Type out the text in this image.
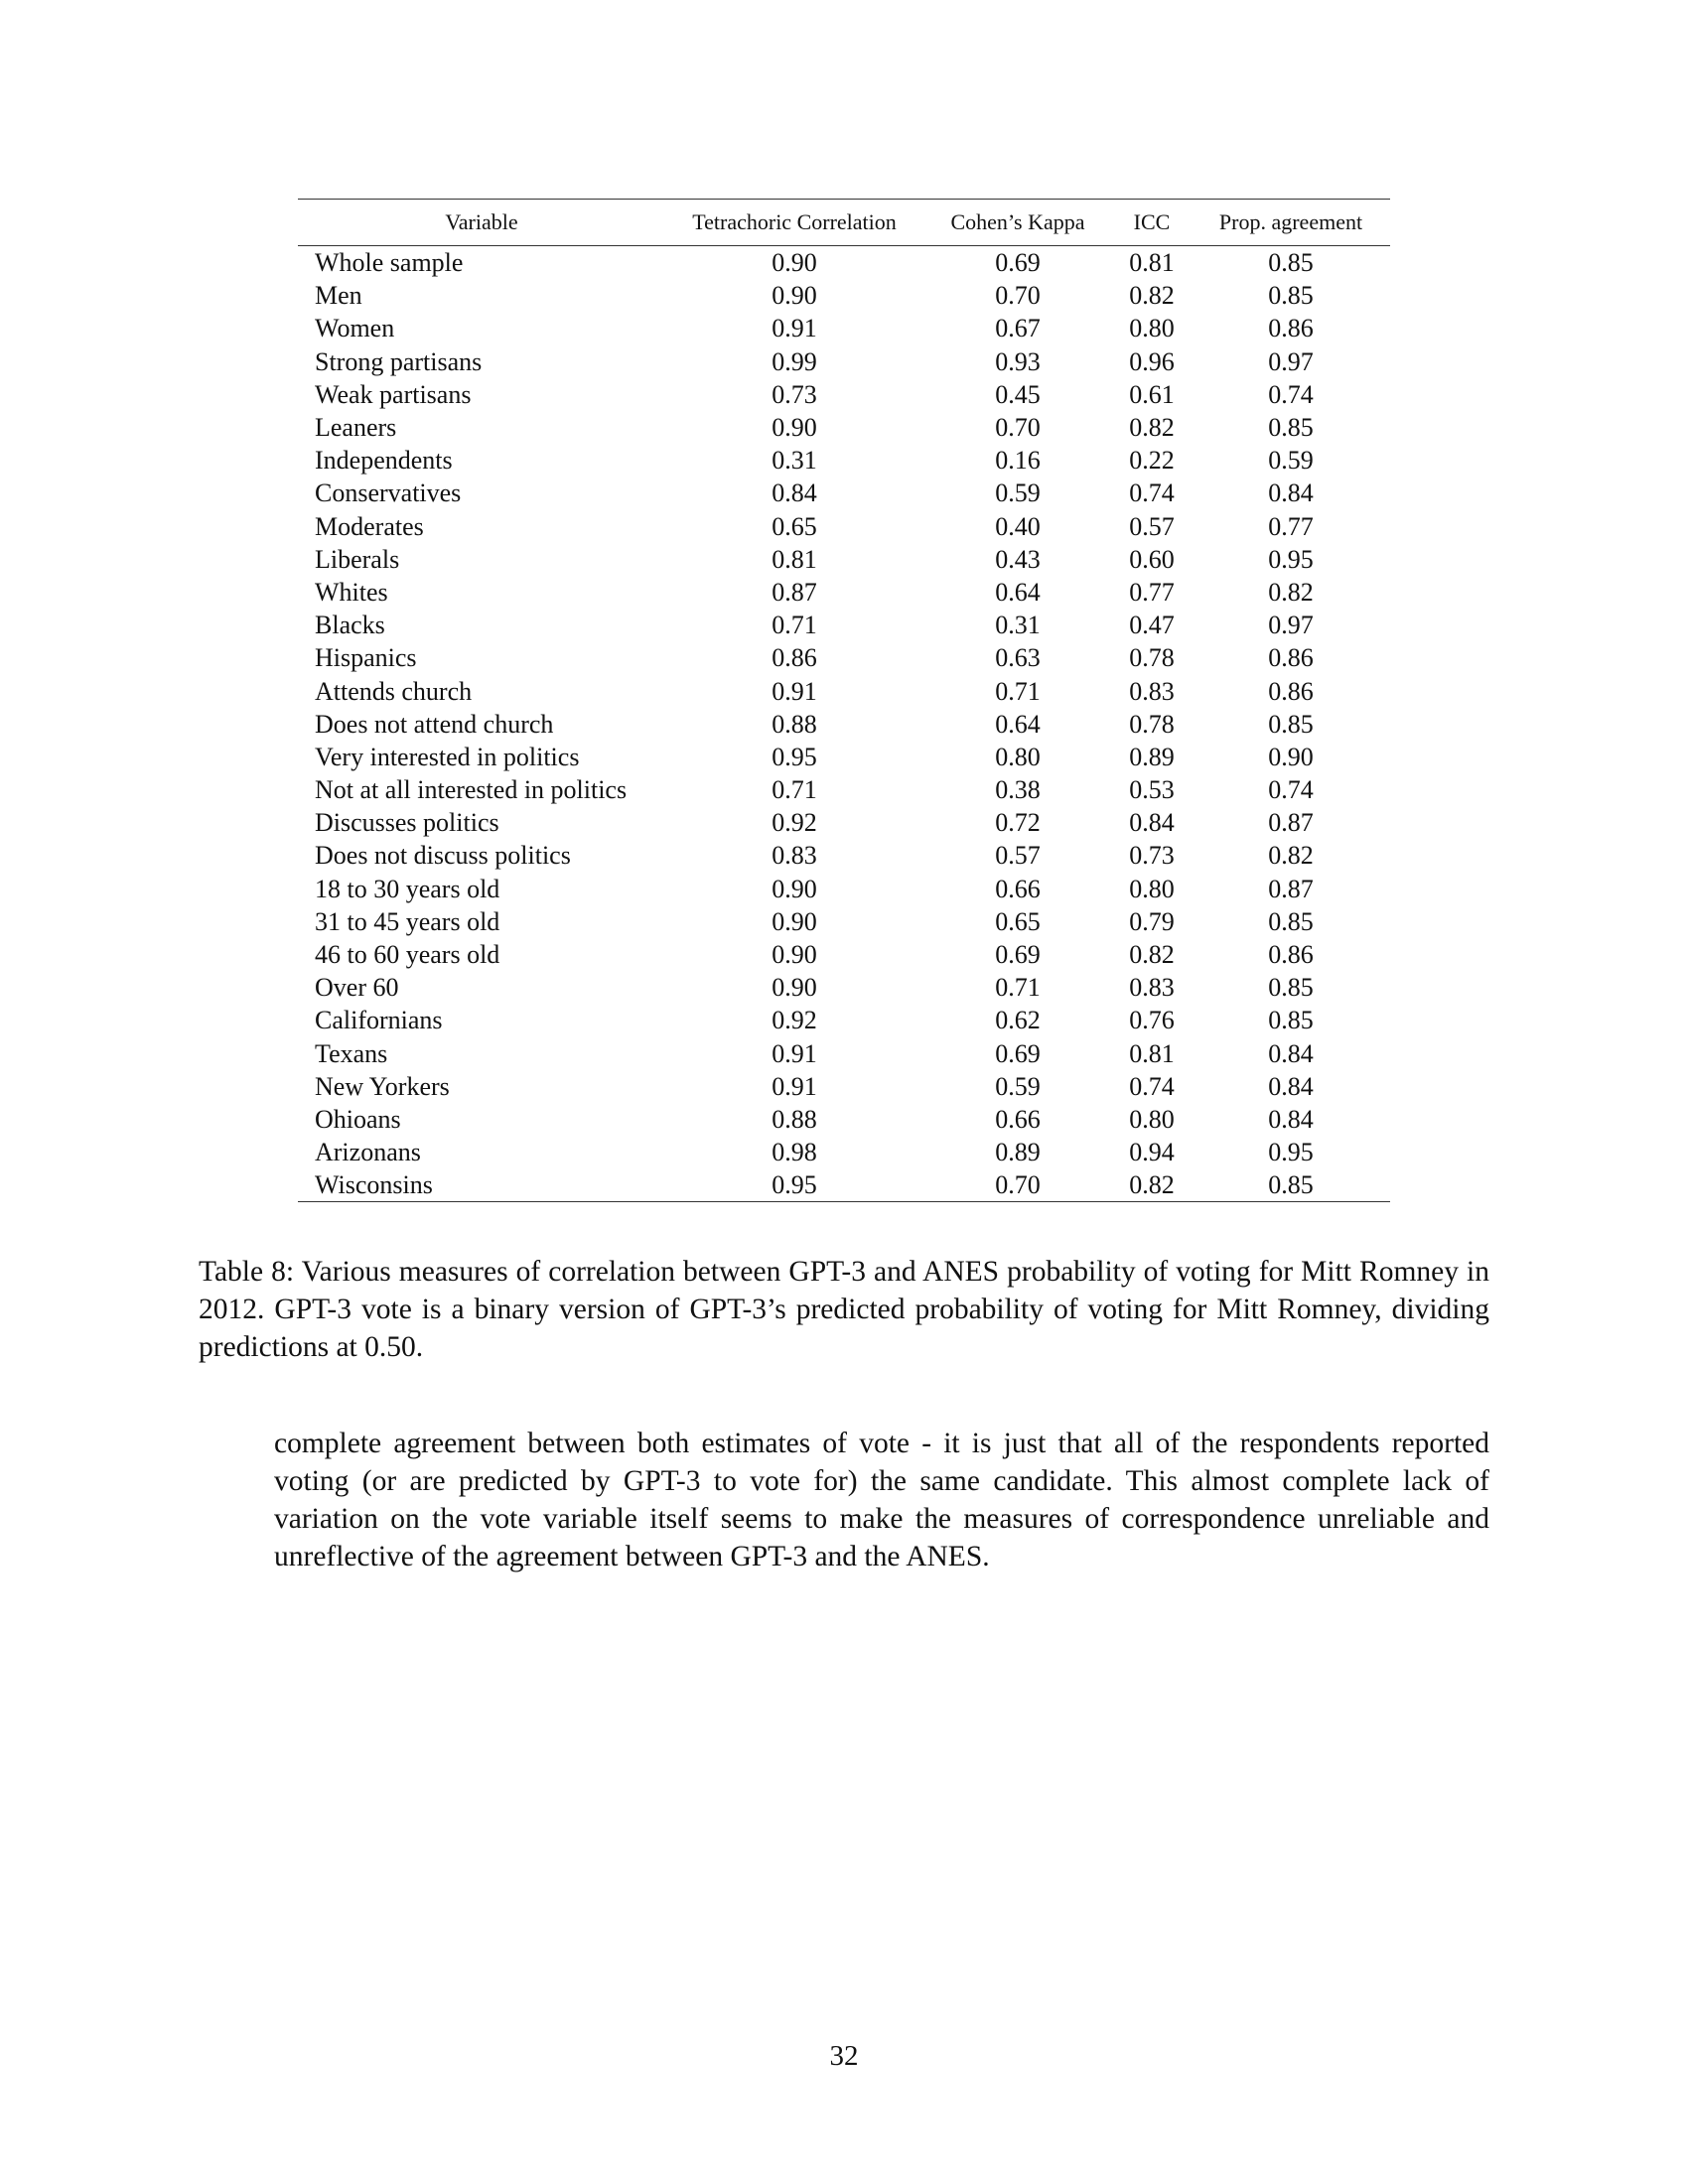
Variable	Tetrachoric Correlation	Cohen’s Kappa	ICC	Prop. agreement
Whole sample	0.90	0.69	0.81	0.85
Men	0.90	0.70	0.82	0.85
Women	0.91	0.67	0.80	0.86
Strong partisans	0.99	0.93	0.96	0.97
Weak partisans	0.73	0.45	0.61	0.74
Leaners	0.90	0.70	0.82	0.85
Independents	0.31	0.16	0.22	0.59
Conservatives	0.84	0.59	0.74	0.84
Moderates	0.65	0.40	0.57	0.77
Liberals	0.81	0.43	0.60	0.95
Whites	0.87	0.64	0.77	0.82
Blacks	0.71	0.31	0.47	0.97
Hispanics	0.86	0.63	0.78	0.86
Attends church	0.91	0.71	0.83	0.86
Does not attend church	0.88	0.64	0.78	0.85
Very interested in politics	0.95	0.80	0.89	0.90
Not at all interested in politics	0.71	0.38	0.53	0.74
Discusses politics	0.92	0.72	0.84	0.87
Does not discuss politics	0.83	0.57	0.73	0.82
18 to 30 years old	0.90	0.66	0.80	0.87
31 to 45 years old	0.90	0.65	0.79	0.85
46 to 60 years old	0.90	0.69	0.82	0.86
Over 60	0.90	0.71	0.83	0.85
Californians	0.92	0.62	0.76	0.85
Texans	0.91	0.69	0.81	0.84
New Yorkers	0.91	0.59	0.74	0.84
Ohioans	0.88	0.66	0.80	0.84
Arizonans	0.98	0.89	0.94	0.95
Wisconsins	0.95	0.70	0.82	0.85

Table 8: Various measures of correlation between GPT-3 and ANES probability of voting for Mitt Romney in 2012. GPT-3 vote is a binary version of GPT-3’s predicted probability of voting for Mitt Romney, dividing predictions at 0.50.

complete agreement between both estimates of vote - it is just that all of the respondents reported voting (or are predicted by GPT-3 to vote for) the same candidate. This almost complete lack of variation on the vote variable itself seems to make the measures of correspondence unreliable and unreflective of the agreement between GPT-3 and the ANES.

32
